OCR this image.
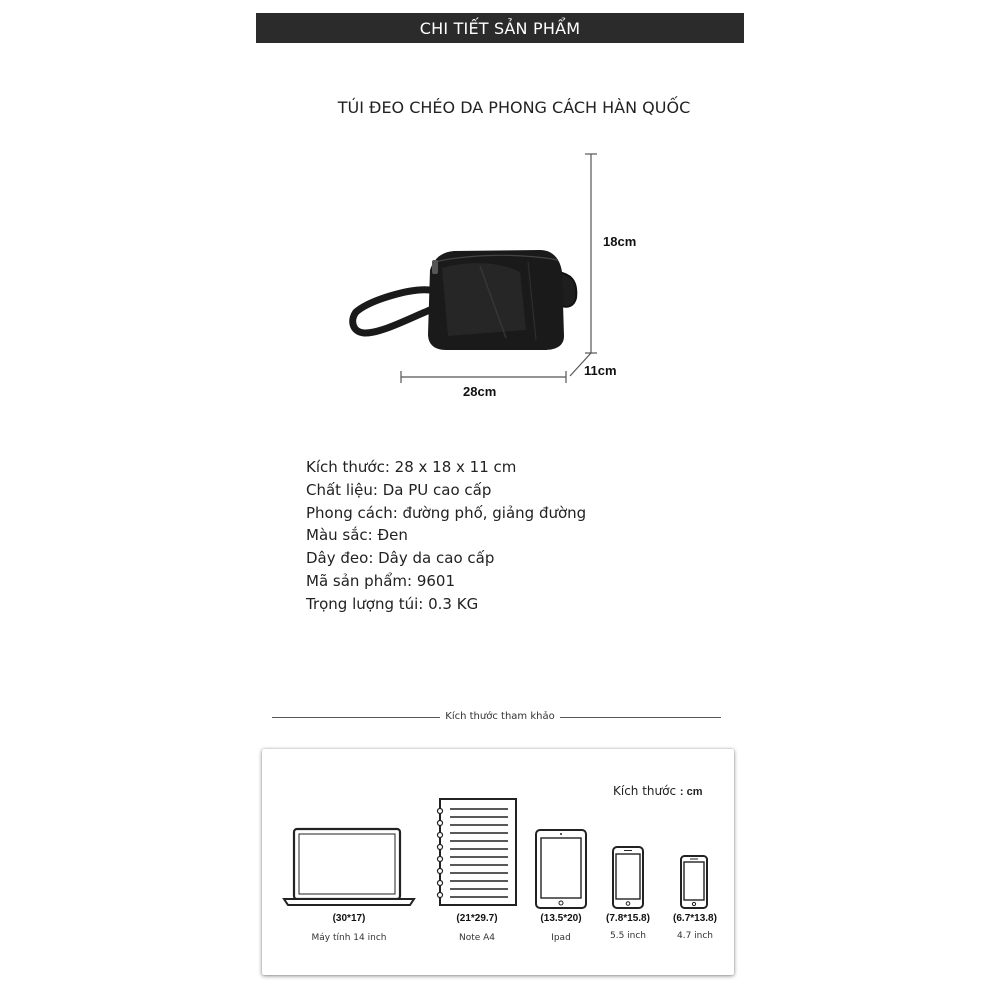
CHI TIẾT SẢN PHẨM
TÚI ĐEO CHÉO DA PHONG CÁCH HÀN QUỐC
18cm
11cm
28cm
Kích thước: 28 x 18 x 11 cm
Chất liệu: Da PU cao cấp
Phong cách: đường phố, giảng đường
Màu sắc: Đen
Dây đeo: Dây da cao cấp
Mã sản phẩm: 9601
Trọng lượng túi: 0.3 KG
Kích thước tham khảo
Kích thước : cm
(30*17)
Máy tính 14 inch
(21*29.7)
Note A4
(13.5*20)
Ipad
(7.8*15.8)
5.5 inch
(6.7*13.8)
4.7 inch
